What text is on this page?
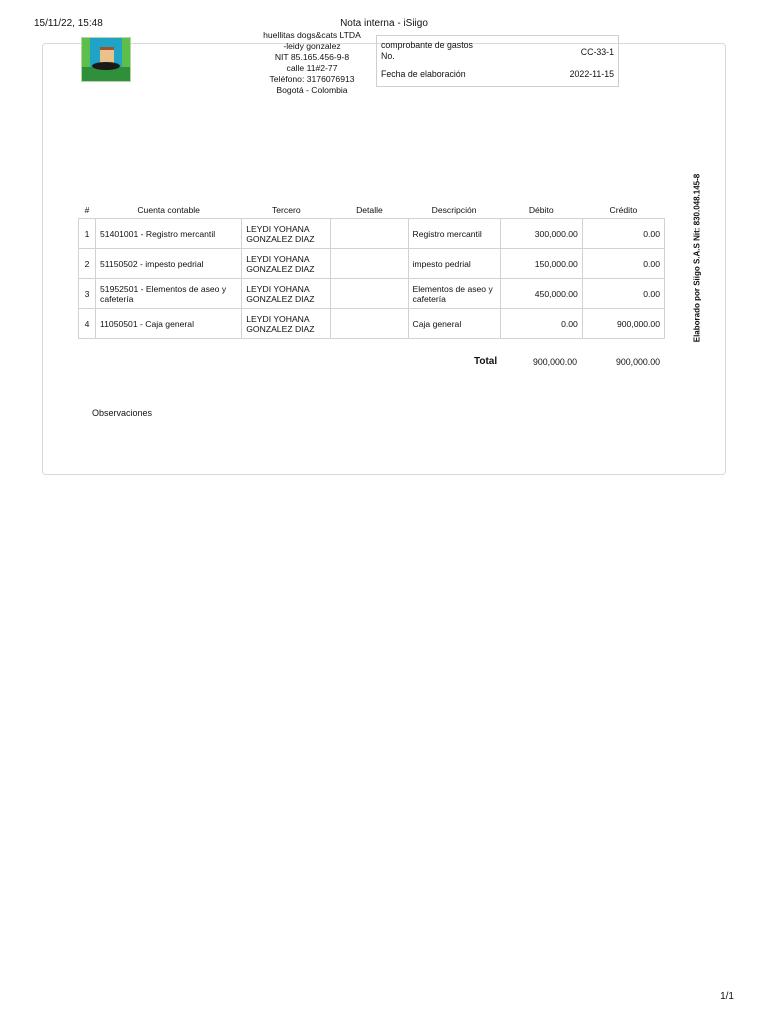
15/11/22, 15:48	Nota interna - iSiigo
huellitas dogs&cats LTDA
-leidy gonzalez
NIT 85.165.456-9-8
calle 11#2-77
Teléfono: 3176076913
Bogotá - Colombia
comprobante de gastos
No.	CC-33-1
Fecha de elaboración	2022-11-15
Elaborado por Siigo S.A.S Nit: 830.048.145-8
#	Cuenta contable	Tercero	Detalle	Descripción	Débito	Crédito
1	51401001 - Registro mercantil	LEYDI YOHANA GONZALEZ DIAZ		Registro mercantil	300,000.00	0.00
2	51150502 - impesto pedrial	LEYDI YOHANA GONZALEZ DIAZ		impesto pedrial	150,000.00	0.00
3	51952501 - Elementos de aseo y cafetería	LEYDI YOHANA GONZALEZ DIAZ		Elementos de aseo y cafetería	450,000.00	0.00
4	11050501 - Caja general	LEYDI YOHANA GONZALEZ DIAZ		Caja general	0.00	900,000.00
Total	900,000.00	900,000.00
Observaciones
1/1
